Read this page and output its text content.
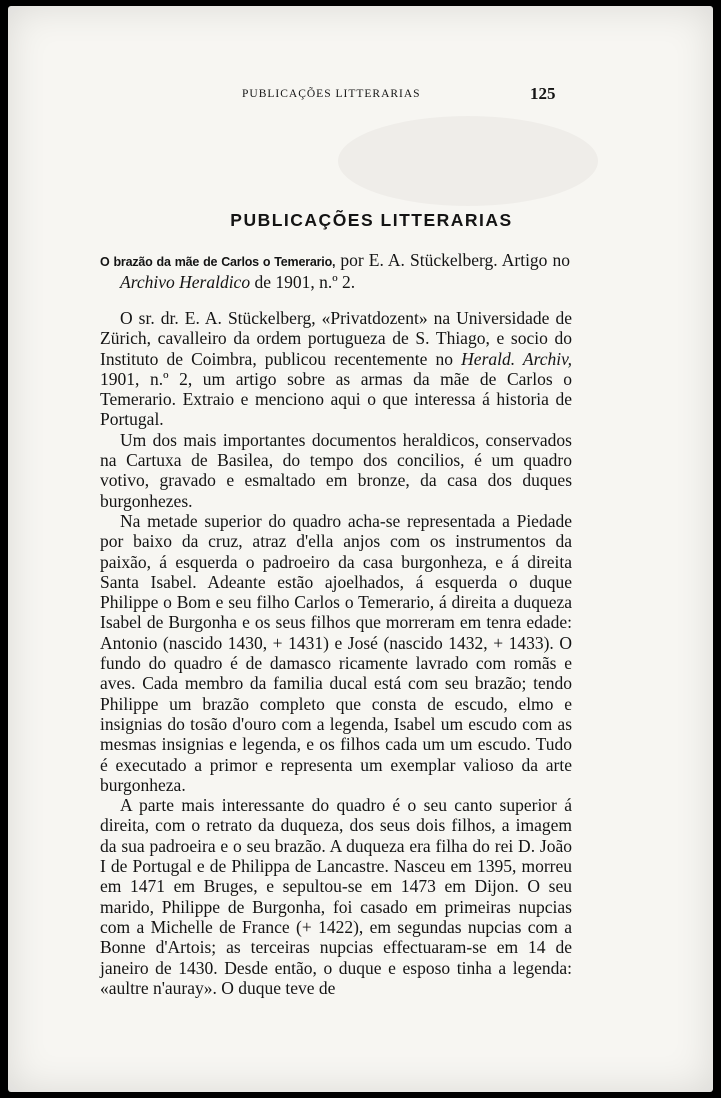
PUBLICAÇÕES LITTERARIAS	125
PUBLICAÇÕES LITTERARIAS
O brazão da mãe de Carlos o Temerario, por E. A. Stückelberg. Artigo no Archivo Heraldico de 1901, n.º 2.

O sr. dr. E. A. Stückelberg, «Privatdozent» na Universidade de Zürich, cavalleiro da ordem portugueza de S. Thiago, e socio do Instituto de Coimbra, publicou recentemente no Herald. Archiv, 1901, n.º 2, um artigo sobre as armas da mãe de Carlos o Temerario. Extraio e menciono aqui o que interessa á historia de Portugal.

Um dos mais importantes documentos heraldicos, conservados na Cartuxa de Basilea, do tempo dos concilios, é um quadro votivo, gravado e esmaltado em bronze, da casa dos duques burgonhezes.

Na metade superior do quadro acha-se representada a Piedade por baixo da cruz, atraz d'ella anjos com os instrumentos da paixão, á esquerda o padroeiro da casa burgonheza, e á direita Santa Isabel. Adeante estão ajoelhados, á esquerda o duque Philippe o Bom e seu filho Carlos o Temerario, á direita a duqueza Isabel de Burgonha e os seus filhos que morreram em tenra edade: Antonio (nascido 1430, + 1431) e José (nascido 1432, + 1433). O fundo do quadro é de damasco ricamente lavrado com romãs e aves. Cada membro da familia ducal está com seu brazão; tendo Philippe um brazão completo que consta de escudo, elmo e insignias do tosão d'ouro com a legenda, Isabel um escudo com as mesmas insignias e legenda, e os filhos cada um um escudo. Tudo é executado a primor e representa um exemplar valioso da arte burgonheza.

A parte mais interessante do quadro é o seu canto superior á direita, com o retrato da duqueza, dos seus dois filhos, a imagem da sua padroeira e o seu brazão. A duqueza era filha do rei D. João I de Portugal e de Philippa de Lancastre. Nasceu em 1395, morreu em 1471 em Bruges, e sepultou-se em 1473 em Dijon. O seu marido, Philippe de Burgonha, foi casado em primeiras nupcias com a Michelle de France (+ 1422), em segundas nupcias com a Bonne d'Artois; as terceiras nupcias effectuaram-se em 14 de janeiro de 1430. Desde então, o duque e esposo tinha a legenda: «aultre n'auray». O duque teve de
